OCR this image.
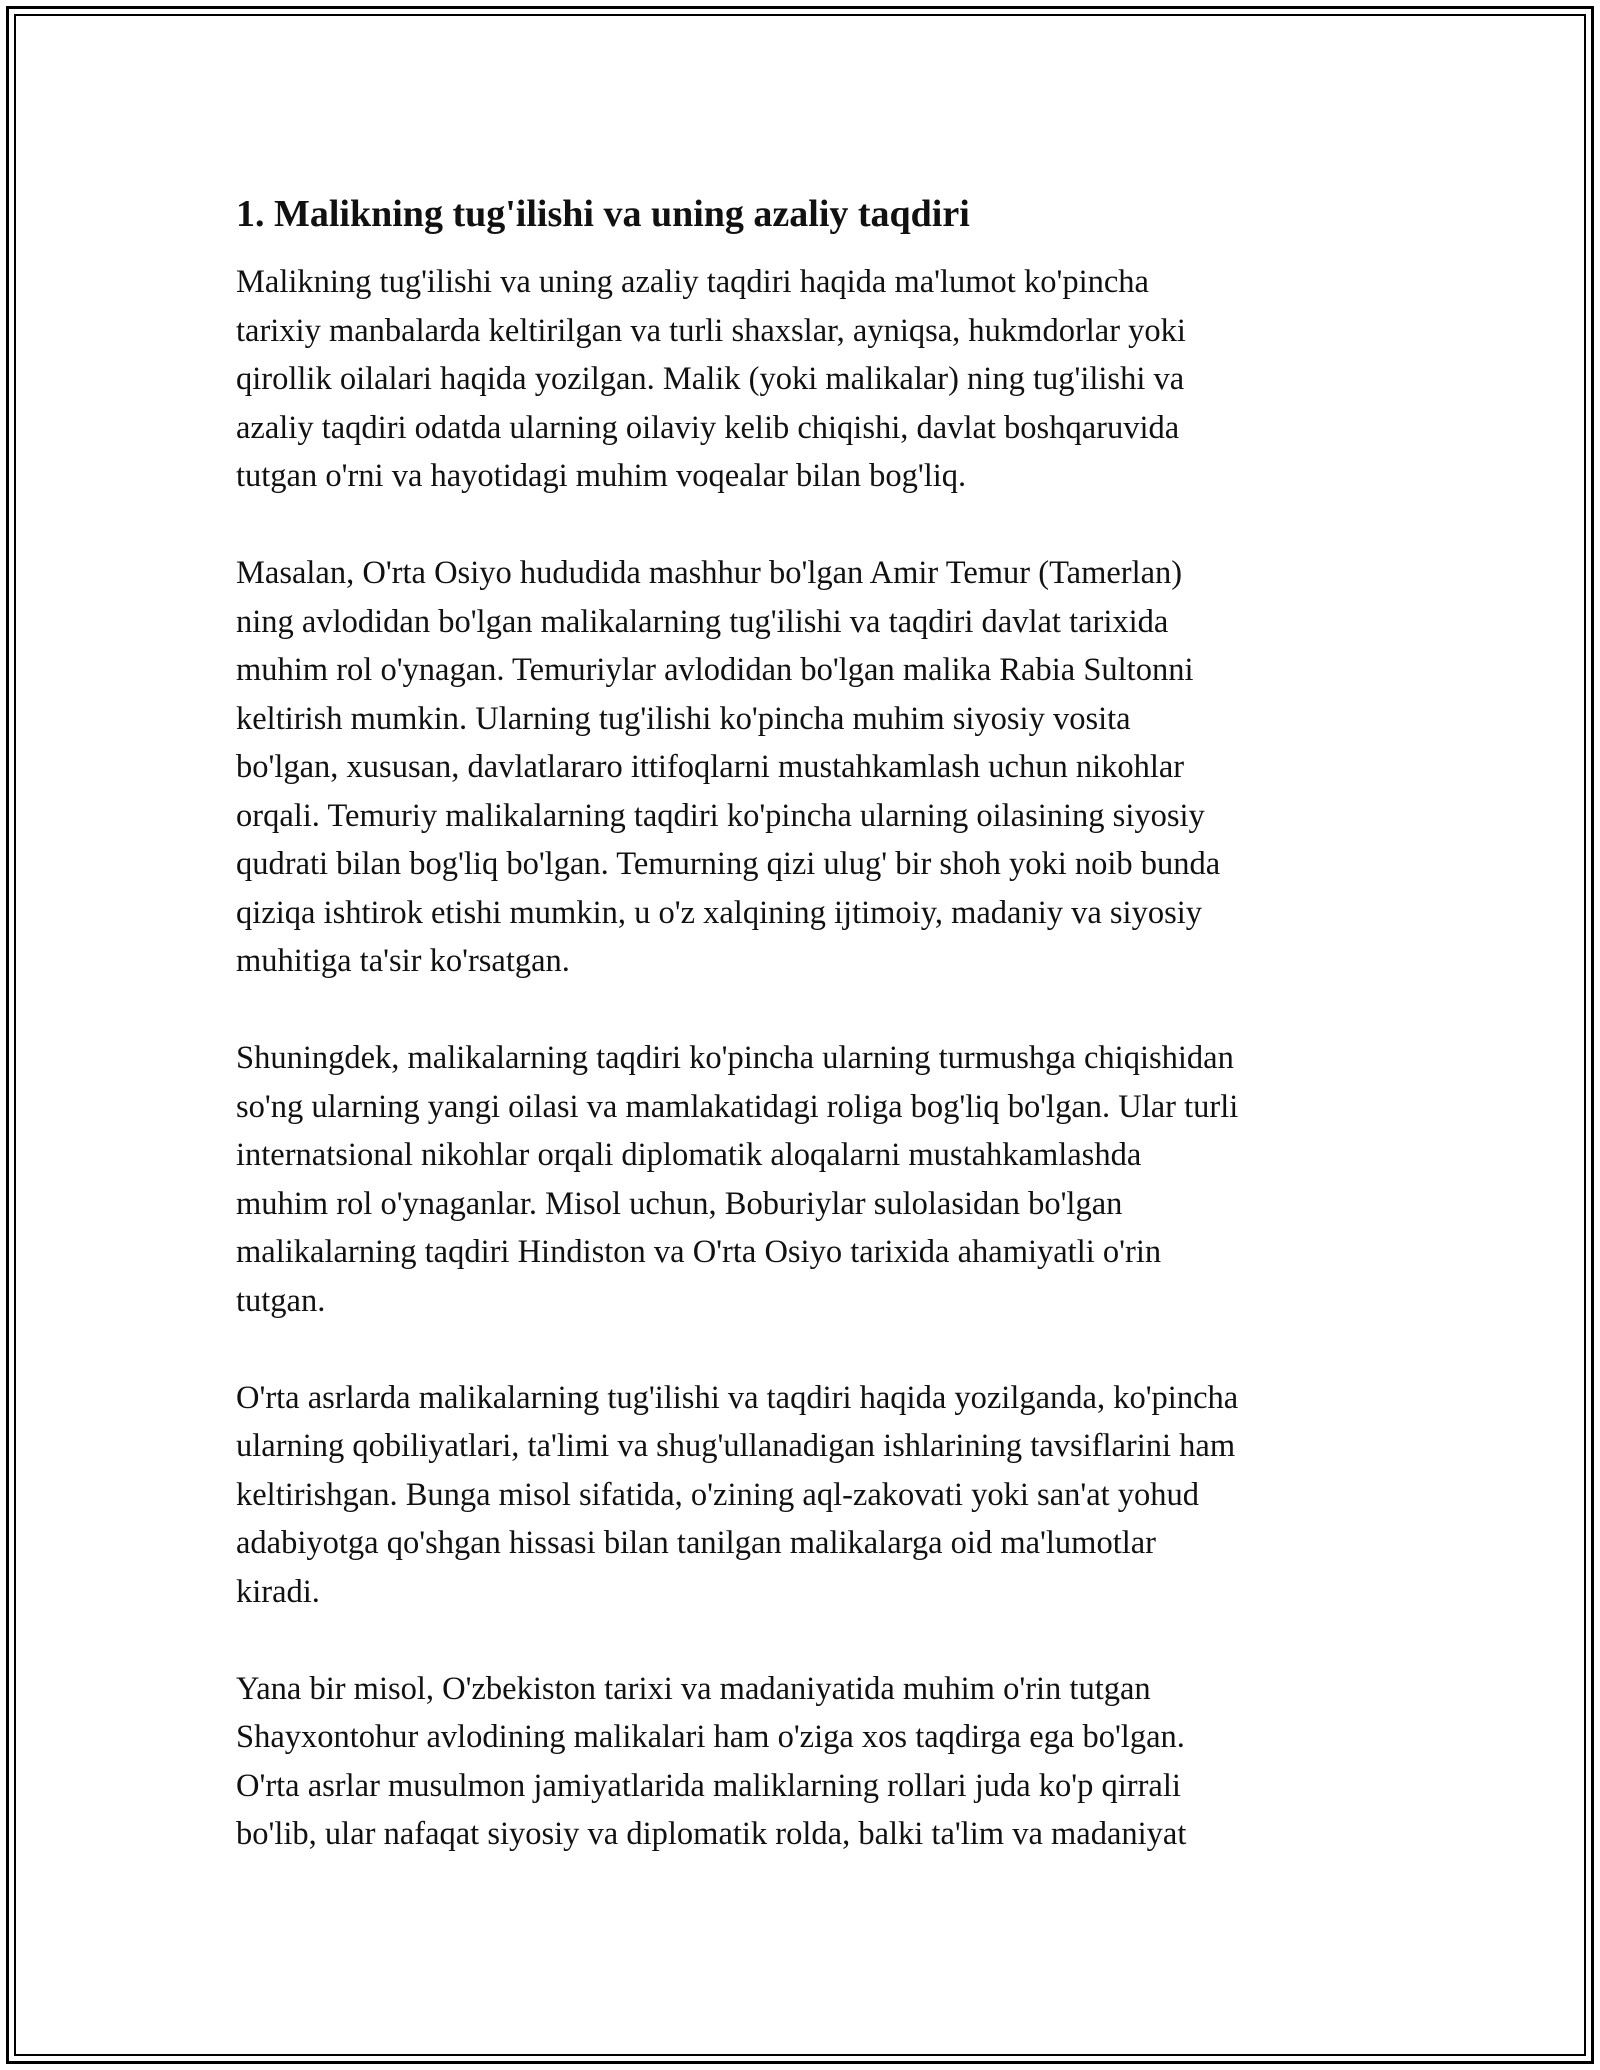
1. Malikning tug'ilishi va uning azaliy taqdiri

Malikning tug'ilishi va uning azaliy taqdiri haqida ma'lumot ko'pincha
tarixiy manbalarda keltirilgan va turli shaxslar, ayniqsa, hukmdorlar yoki
qirollik oilalari haqida yozilgan. Malik (yoki malikalar) ning tug'ilishi va
azaliy taqdiri odatda ularning oilaviy kelib chiqishi, davlat boshqaruvida
tutgan o'rni va hayotidagi muhim voqealar bilan bog'liq.

Masalan, O'rta Osiyo hududida mashhur bo'lgan Amir Temur (Tamerlan)
ning avlodidan bo'lgan malikalarning tug'ilishi va taqdiri davlat tarixida
muhim rol o'ynagan. Temuriylar avlodidan bo'lgan malika Rabia Sultonni
keltirish mumkin. Ularning tug'ilishi ko'pincha muhim siyosiy vosita
bo'lgan, xususan, davlatlararo ittifoqlarni mustahkamlash uchun nikohlar
orqali. Temuriy malikalarning taqdiri ko'pincha ularning oilasining siyosiy
qudrati bilan bog'liq bo'lgan. Temurning qizi ulug' bir shoh yoki noib bunda
qiziqa ishtirok etishi mumkin, u o'z xalqining ijtimoiy, madaniy va siyosiy
muhitiga ta'sir ko'rsatgan.

Shuningdek, malikalarning taqdiri ko'pincha ularning turmushga chiqishidan
so'ng ularning yangi oilasi va mamlakatidagi roliga bog'liq bo'lgan. Ular turli
internatsional nikohlar orqali diplomatik aloqalarni mustahkamlashda
muhim rol o'ynaganlar. Misol uchun, Boburiylar sulolasidan bo'lgan
malikalarning taqdiri Hindiston va O'rta Osiyo tarixida ahamiyatli o'rin
tutgan.

O'rta asrlarda malikalarning tug'ilishi va taqdiri haqida yozilganda, ko'pincha
ularning qobiliyatlari, ta'limi va shug'ullanadigan ishlarining tavsiflarini ham
keltirishgan. Bunga misol sifatida, o'zining aql-zakovati yoki san'at yohud
adabiyotga qo'shgan hissasi bilan tanilgan malikalarga oid ma'lumotlar
kiradi.

Yana bir misol, O'zbekiston tarixi va madaniyatida muhim o'rin tutgan
Shayxontohur avlodining malikalari ham o'ziga xos taqdirga ega bo'lgan.
O'rta asrlar musulmon jamiyatlarida maliklarning rollari juda ko'p qirrali
bo'lib, ular nafaqat siyosiy va diplomatik rolda, balki ta'lim va madaniyat
